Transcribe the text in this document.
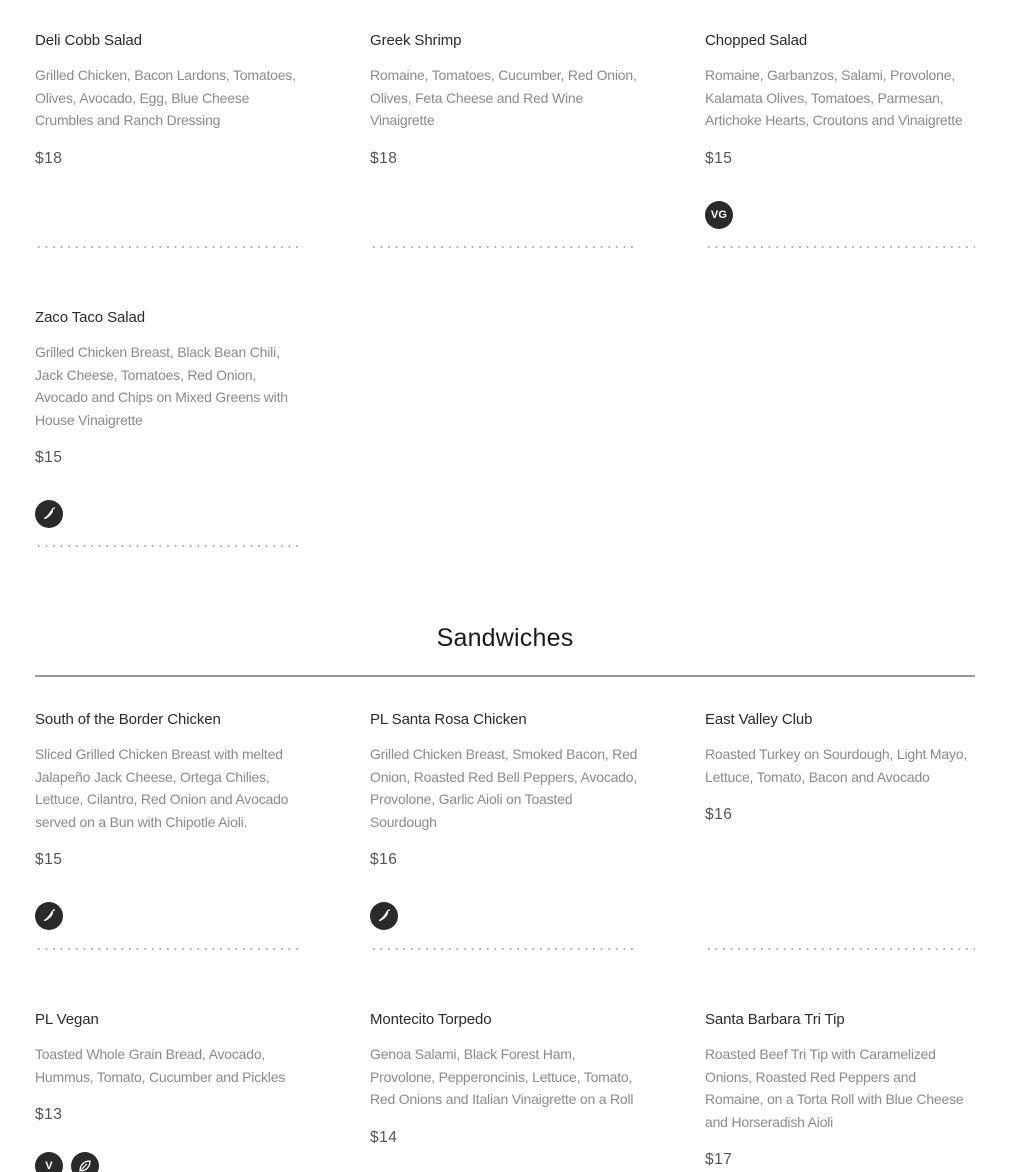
Deli Cobb Salad
Grilled Chicken, Bacon Lardons, Tomatoes, Olives, Avocado, Egg, Blue Cheese Crumbles and Ranch Dressing
$18
Greek Shrimp
Romaine, Tomatoes, Cucumber, Red Onion, Olives, Feta Cheese and Red Wine Vinaigrette
$18
Chopped Salad
Romaine, Garbanzos, Salami, Provolone, Kalamata Olives, Tomatoes, Parmesan, Artichoke Hearts, Croutons and Vinaigrette
$15
VG
Zaco Taco Salad
Grilled Chicken Breast, Black Bean Chili, Jack Cheese, Tomatoes, Red Onion, Avocado and Chips on Mixed Greens with House Vinaigrette
$15
Sandwiches
South of the Border Chicken
Sliced Grilled Chicken Breast with melted Jalapeño Jack Cheese, Ortega Chilies, Lettuce, Cilantro, Red Onion and Avocado served on a Bun with Chipotle Aioli.
$15
PL Santa Rosa Chicken
Grilled Chicken Breast, Smoked Bacon, Red Onion, Roasted Red Bell Peppers, Avocado, Provolone, Garlic Aioli on Toasted Sourdough
$16
East Valley Club
Roasted Turkey on Sourdough, Light Mayo, Lettuce, Tomato, Bacon and Avocado
$16
PL Vegan
Toasted Whole Grain Bread, Avocado, Hummus, Tomato, Cucumber and Pickles
$13
V
Montecito Torpedo
Genoa Salami, Black Forest Ham, Provolone, Pepperoncinis, Lettuce, Tomato, Red Onions and Italian Vinaigrette on a Roll
$14
Santa Barbara Tri Tip
Roasted Beef Tri Tip with Caramelized Onions, Roasted Red Peppers and Romaine, on a Torta Roll with Blue Cheese and Horseradish Aioli
$17
